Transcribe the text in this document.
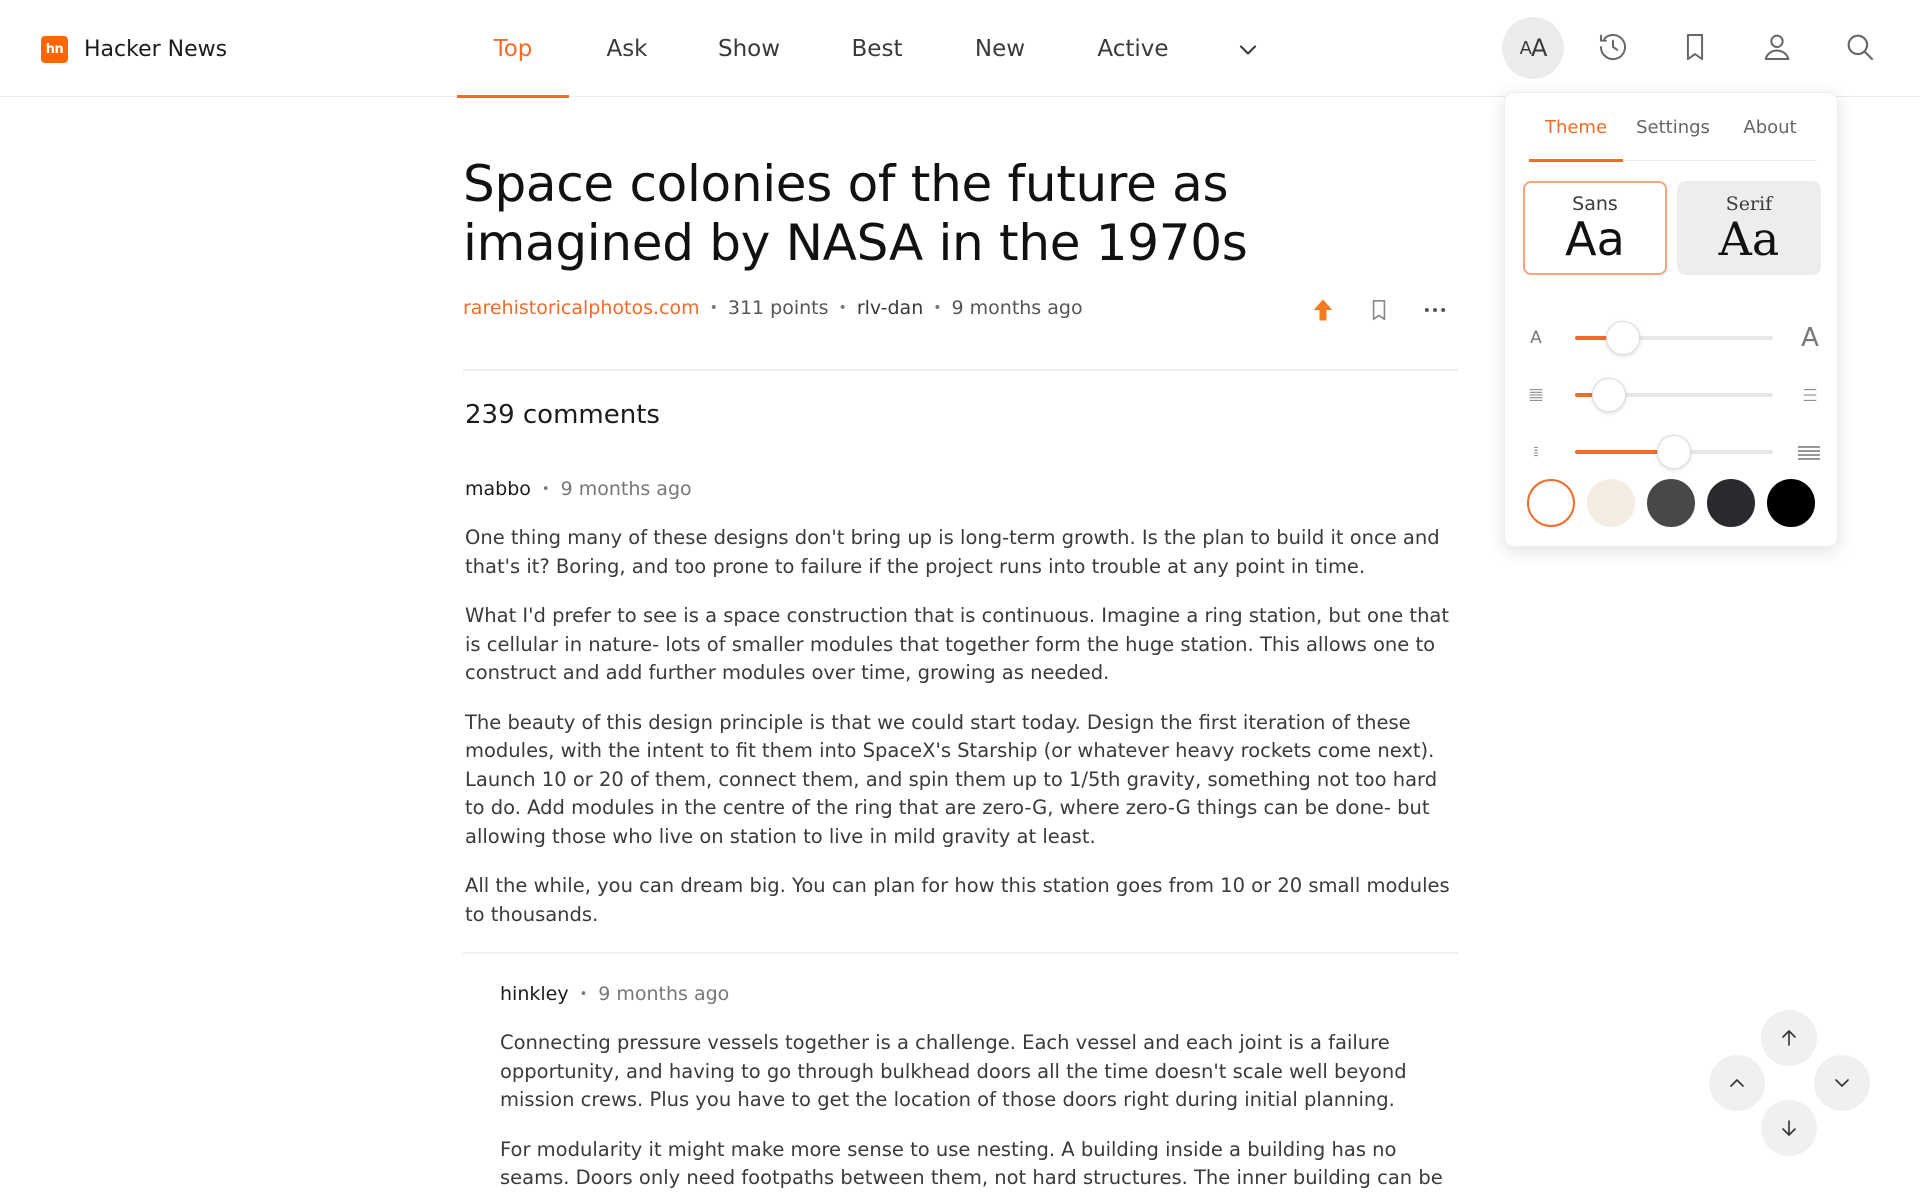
hn Hacker News	Top	Ask	Show	Best	New	Active	A A
Space colonies of the future as imagined by NASA in the 1970s
rarehistoricalphotos.com • 311 points • rlv-dan • 9 months ago
239 comments
mabbo • 9 months ago

One thing many of these designs don't bring up is long-term growth. Is the plan to build it once and that's it? Boring, and too prone to failure if the project runs into trouble at any point in time.

What I'd prefer to see is a space construction that is continuous. Imagine a ring station, but one that is cellular in nature- lots of smaller modules that together form the huge station. This allows one to construct and add further modules over time, growing as needed.

The beauty of this design principle is that we could start today. Design the first iteration of these modules, with the intent to fit them into SpaceX's Starship (or whatever heavy rockets come next). Launch 10 or 20 of them, connect them, and spin them up to 1/5th gravity, something not too hard to do. Add modules in the centre of the ring that are zero-G, where zero-G things can be done- but allowing those who live on station to live in mild gravity at least.

All the while, you can dream big. You can plan for how this station goes from 10 or 20 small modules to thousands.

hinkley • 9 months ago

Connecting pressure vessels together is a challenge. Each vessel and each joint is a failure opportunity, and having to go through bulkhead doors all the time doesn't scale well beyond mission crews. Plus you have to get the location of those doors right during initial planning.

For modularity it might make more sense to use nesting. A building inside a building has no seams. Doors only need footpaths between them, not hard structures. The inner building can be

Theme	Settings	About
Sans
Aa
Serif
Aa
A	A
